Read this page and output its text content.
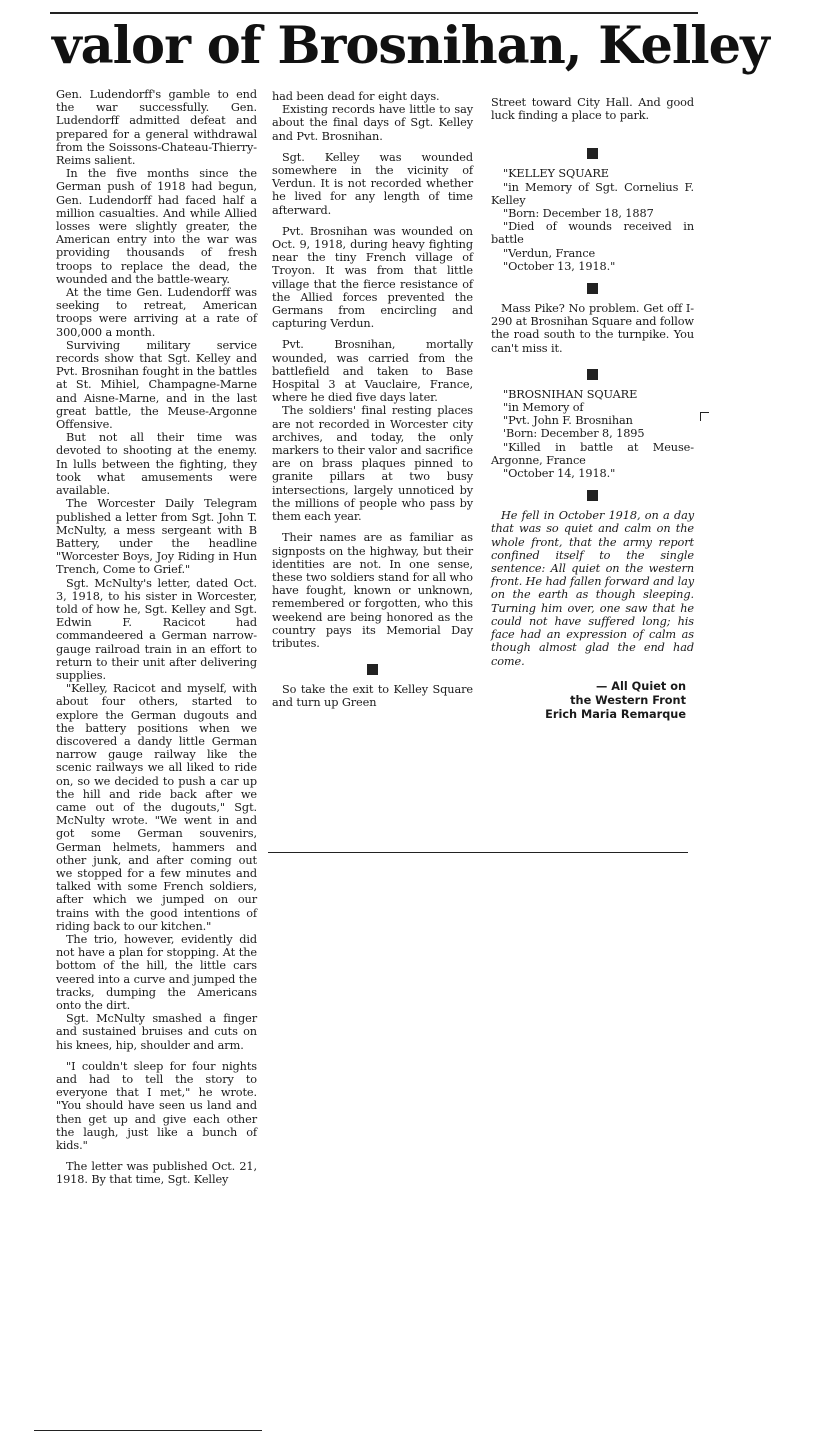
valor of Brosnihan, Kelley

Gen. Ludendorff's gamble to end the war successfully. Gen. Ludendorff admitted defeat and prepared for a general withdrawal from the Soissons-Chateau-Thierry-Reims salient.

In the five months since the German push of 1918 had begun, Gen. Ludendorff had faced half a million casualties. And while Allied losses were slightly greater, the American entry into the war was providing thousands of fresh troops to replace the dead, the wounded and the battle-weary.

At the time Gen. Ludendorff was seeking to retreat, American troops were arriving at a rate of 300,000 a month.

Surviving military service records show that Sgt. Kelley and Pvt. Brosnihan fought in the battles at St. Mihiel, Champagne-Marne and Aisne-Marne, and in the last great battle, the Meuse-Argonne Offensive.

But not all their time was devoted to shooting at the enemy. In lulls between the fighting, they took what amusements were available.

The Worcester Daily Telegram published a letter from Sgt. John T. McNulty, a mess sergeant with B Battery, under the headline "Worcester Boys, Joy Riding in Hun Trench, Come to Grief."

Sgt. McNulty's letter, dated Oct. 3, 1918, to his sister in Worcester, told of how he, Sgt. Kelley and Sgt. Edwin F. Racicot had commandeered a German narrow-gauge railroad train in an effort to return to their unit after delivering supplies.

"Kelley, Racicot and myself, with about four others, started to explore the German dugouts and the battery positions when we discovered a dandy little German narrow gauge railway like the scenic railways we all liked to ride on, so we decided to push a car up the hill and ride back after we came out of the dugouts," Sgt. McNulty wrote. "We went in and got some German souvenirs, German helmets, hammers and other junk, and after coming out we stopped for a few minutes and talked with some French soldiers, after which we jumped on our trains with the good intentions of riding back to our kitchen."

The trio, however, evidently did not have a plan for stopping. At the bottom of the hill, the little cars veered into a curve and jumped the tracks, dumping the Americans onto the dirt.

Sgt. McNulty smashed a finger and sustained bruises and cuts on his knees, hip, shoulder and arm.

"I couldn't sleep for four nights and had to tell the story to everyone that I met," he wrote. "You should have seen us land and then get up and give each other the laugh, just like a bunch of kids."

The letter was published Oct. 21, 1918. By that time, Sgt. Kelley

had been dead for eight days.

Existing records have little to say about the final days of Sgt. Kelley and Pvt. Brosnihan.

Sgt. Kelley was wounded somewhere in the vicinity of Verdun. It is not recorded whether he lived for any length of time afterward.

Pvt. Brosnihan was wounded on Oct. 9, 1918, during heavy fighting near the tiny French village of Troyon. It was from that little village that the fierce resistance of the Allied forces prevented the Germans from encircling and capturing Verdun.

Pvt. Brosnihan, mortally wounded, was carried from the battlefield and taken to Base Hospital 3 at Vauclaire, France, where he died five days later.

The soldiers' final resting places are not recorded in Worcester city archives, and today, the only markers to their valor and sacrifice are on brass plaques pinned to granite pillars at two busy intersections, largely unnoticed by the millions of people who pass by them each year.

Their names are as familiar as signposts on the highway, but their identities are not. In one sense, these two soldiers stand for all who have fought, known or unknown, remembered or forgotten, who this weekend are being honored as the country pays its Memorial Day tributes.

So take the exit to Kelley Square and turn up Green

Street toward City Hall. And good luck finding a place to park.

"KELLEY SQUARE

"in Memory of Sgt. Cornelius F. Kelley

"Born: December 18, 1887

"Died of wounds received in battle

"Verdun, France

"October 13, 1918."

Mass Pike? No problem. Get off I-290 at Brosnihan Square and follow the road south to the turnpike. You can't miss it.

"BROSNIHAN SQUARE

"in Memory of

"Pvt. John F. Brosnihan

'Born: December 8, 1895

"Killed in battle at Meuse-Argonne, France

"October 14, 1918."

He fell in October 1918, on a day that was so quiet and calm on the whole front, that the army report confined itself to the single sentence: All quiet on the western front. He had fallen forward and lay on the earth as though sleeping. Turning him over, one saw that he could not have suffered long; his face had an expression of calm as though almost glad the end had come.

— All Quiet on
the Western Front
Erich Maria Remarque
